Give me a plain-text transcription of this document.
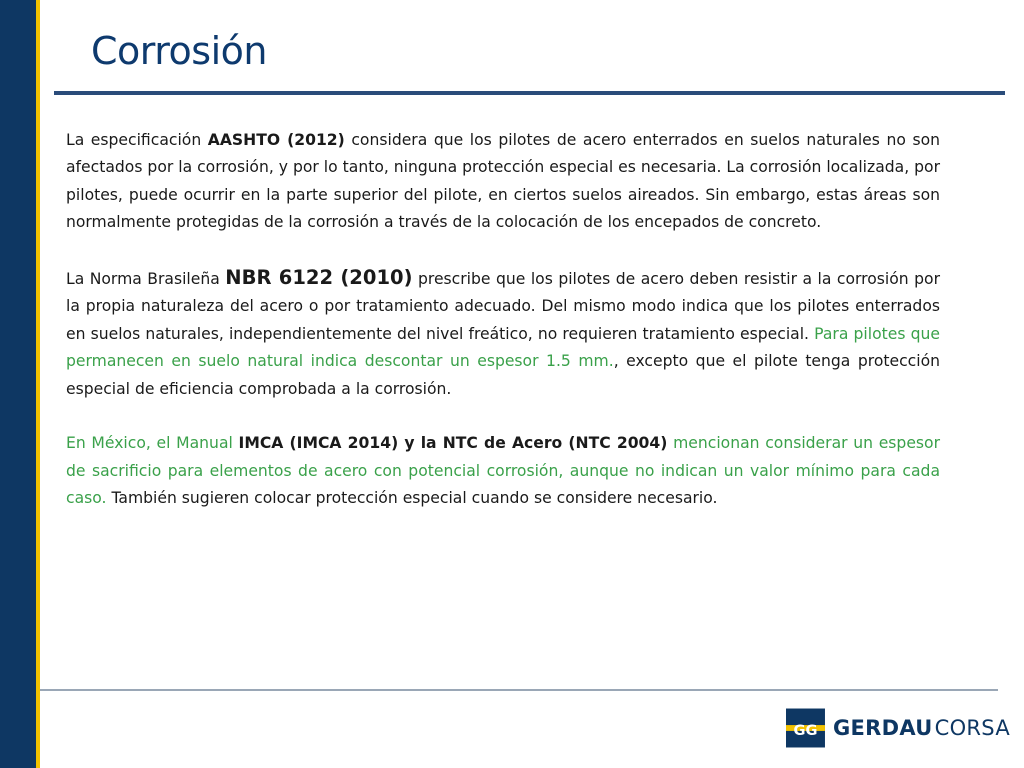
Corrosión

La especificación AASHTO (2012) considera que los pilotes de acero enterrados en suelos naturales no son afectados por la corrosión, y por lo tanto, ninguna protección especial es necesaria. La corrosión localizada, por pilotes, puede ocurrir en la parte superior del pilote, en ciertos suelos aireados. Sin embargo, estas áreas son normalmente protegidas de la corrosión a través de la colocación de los encepados de concreto.

La Norma Brasileña NBR 6122 (2010) prescribe que los pilotes de acero deben resistir a la corrosión por la propia naturaleza del acero o por tratamiento adecuado. Del mismo modo indica que los pilotes enterrados en suelos naturales, independientemente del nivel freático, no requieren tratamiento especial. Para pilotes que permanecen en suelo natural indica descontar un espesor 1.5 mm., excepto que el pilote tenga protección especial de eficiencia comprobada a la corrosión.

En México, el Manual IMCA (IMCA 2014) y la NTC de Acero (NTC 2004) mencionan considerar un espesor de sacrificio para elementos de acero con potencial corrosión, aunque no indican un valor mínimo para cada caso. También sugieren colocar protección especial cuando se considere necesario.

GG GERDAUCORSA
